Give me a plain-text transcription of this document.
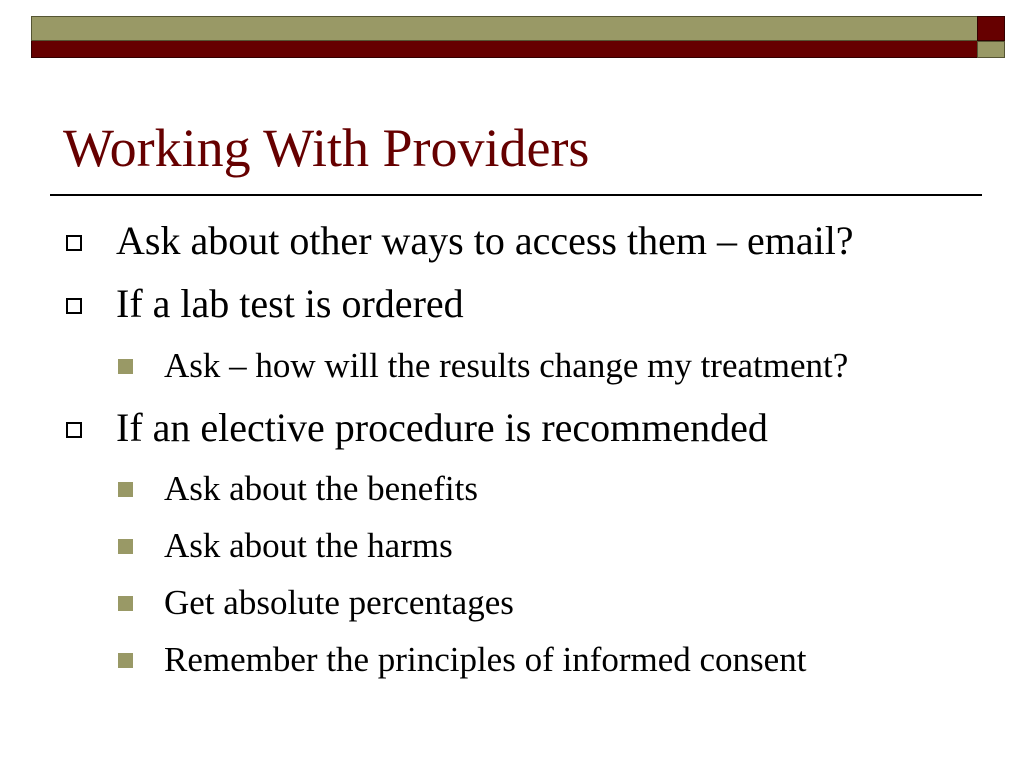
Working With Providers
Ask about other ways to access them – email?
If a lab test is ordered
Ask – how will the results change my treatment?
If an elective procedure is recommended
Ask about the benefits
Ask about the harms
Get absolute percentages
Remember the principles of informed consent
